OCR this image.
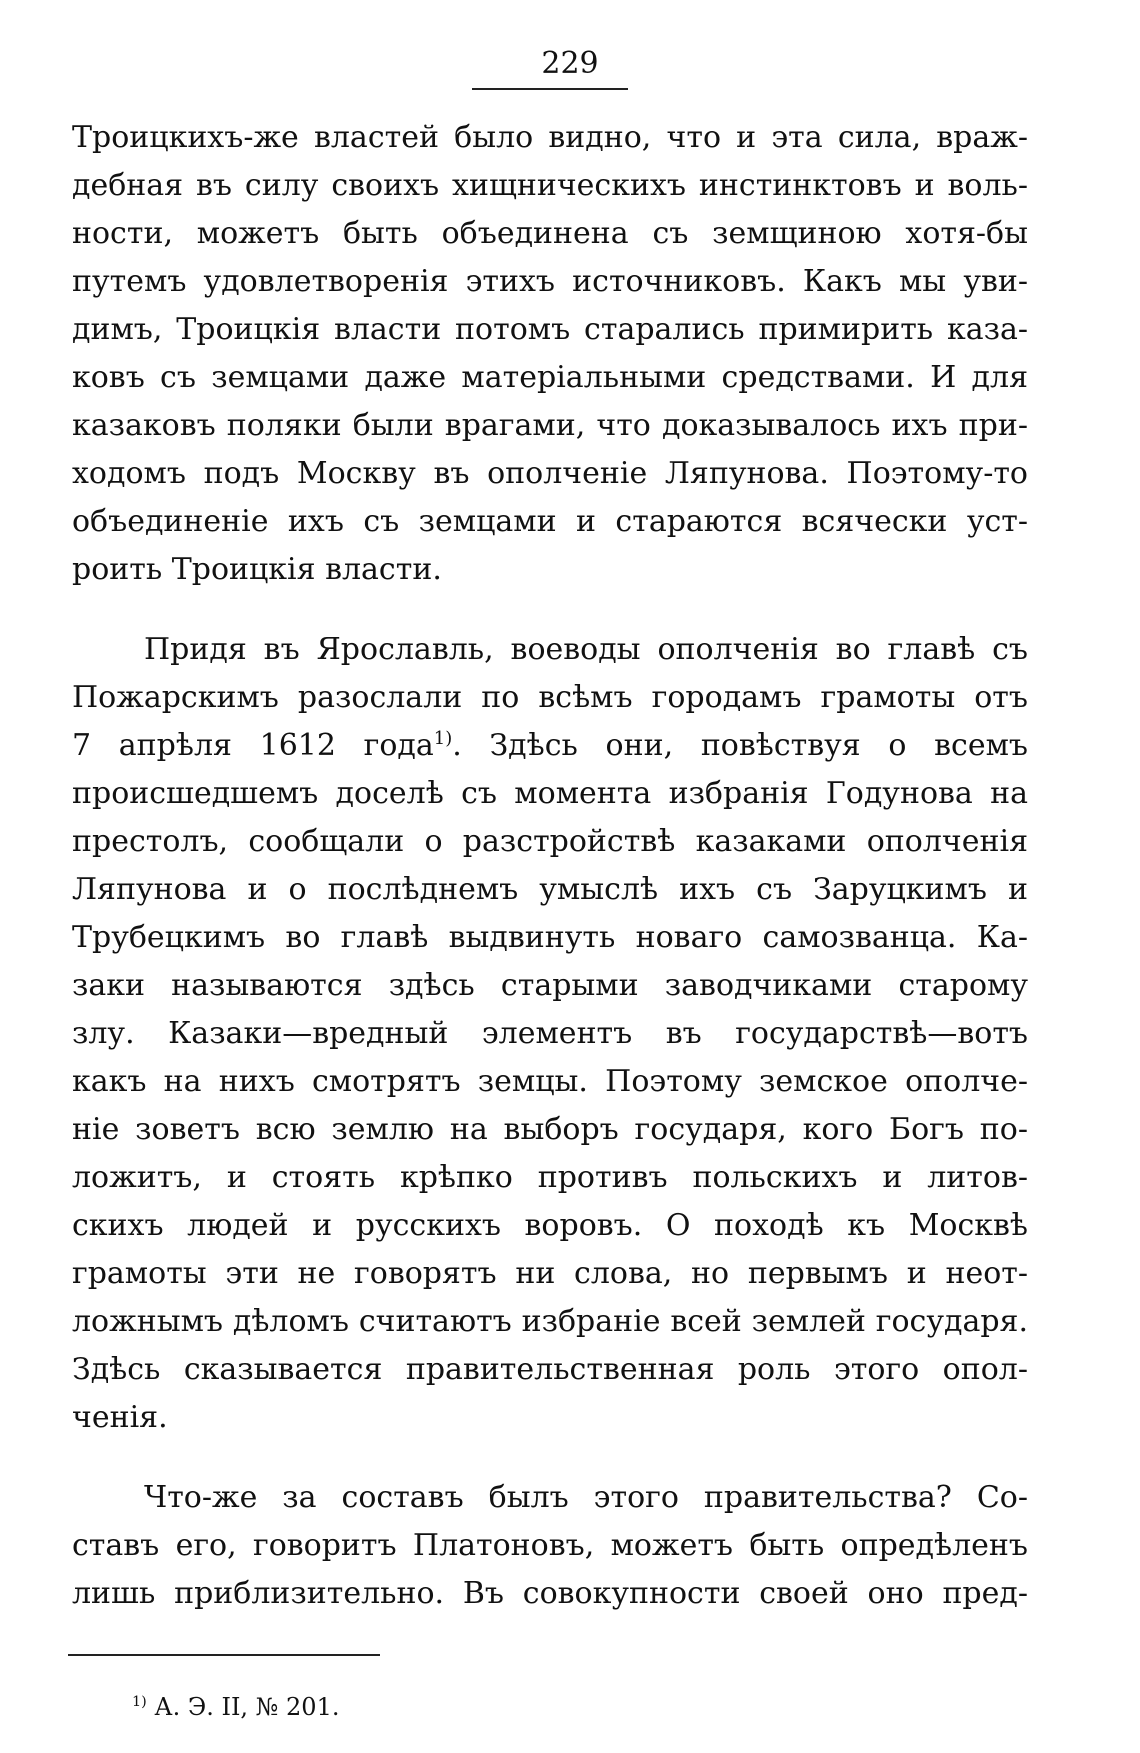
229
Троицкихъ-же властей было видно, что и эта сила, враж-
дебная въ силу своихъ хищническихъ инстинктовъ и воль-
ности, можетъ быть объединена съ земщиною хотя-бы
путемъ удовлетворенія этихъ источниковъ. Какъ мы уви-
димъ, Троицкія власти потомъ старались примирить каза-
ковъ съ земцами даже матеріальными средствами. И для
казаковъ поляки были врагами, что доказывалось ихъ при-
ходомъ подъ Москву въ ополченіе Ляпунова. Поэтому-то
объединеніе ихъ съ земцами и стараются всячески уст-
роить Троицкія власти.
Придя въ Ярославль, воеводы ополченія во главѣ съ
Пожарскимъ разослали по всѣмъ городамъ грамоты отъ
7 апрѣля 1612 года$^{1)}$. Здѣсь они, повѣствуя о всемъ
происшедшемъ доселѣ съ момента избранія Годунова на
престолъ, сообщали о разстройствѣ казаками ополченія
Ляпунова и о послѣднемъ умыслѣ ихъ съ Заруцкимъ и
Трубецкимъ во главѣ выдвинуть новаго самозванца. Ка-
заки называются здѣсь старыми заводчиками старому
злу. Казаки—вредный элементъ въ государствѣ—вотъ
какъ на нихъ смотрятъ земцы. Поэтому земское ополче-
ніе зоветъ всю землю на выборъ государя, кого Богъ по-
ложитъ, и стоять крѣпко противъ польскихъ и литов-
скихъ людей и русскихъ воровъ. О походѣ къ Москвѣ
грамоты эти не говорятъ ни слова, но первымъ и неот-
ложнымъ дѣломъ считаютъ избраніе всей землей государя.
Здѣсь сказывается правительственная роль этого опол-
ченія.
Что-же за составъ былъ этого правительства? Со-
ставъ его, говоритъ Платоновъ, можетъ быть опредѣленъ
лишь приблизительно. Въ совокупности своей оно пред-
$^{1)}$ А. Э. II, № 201.
